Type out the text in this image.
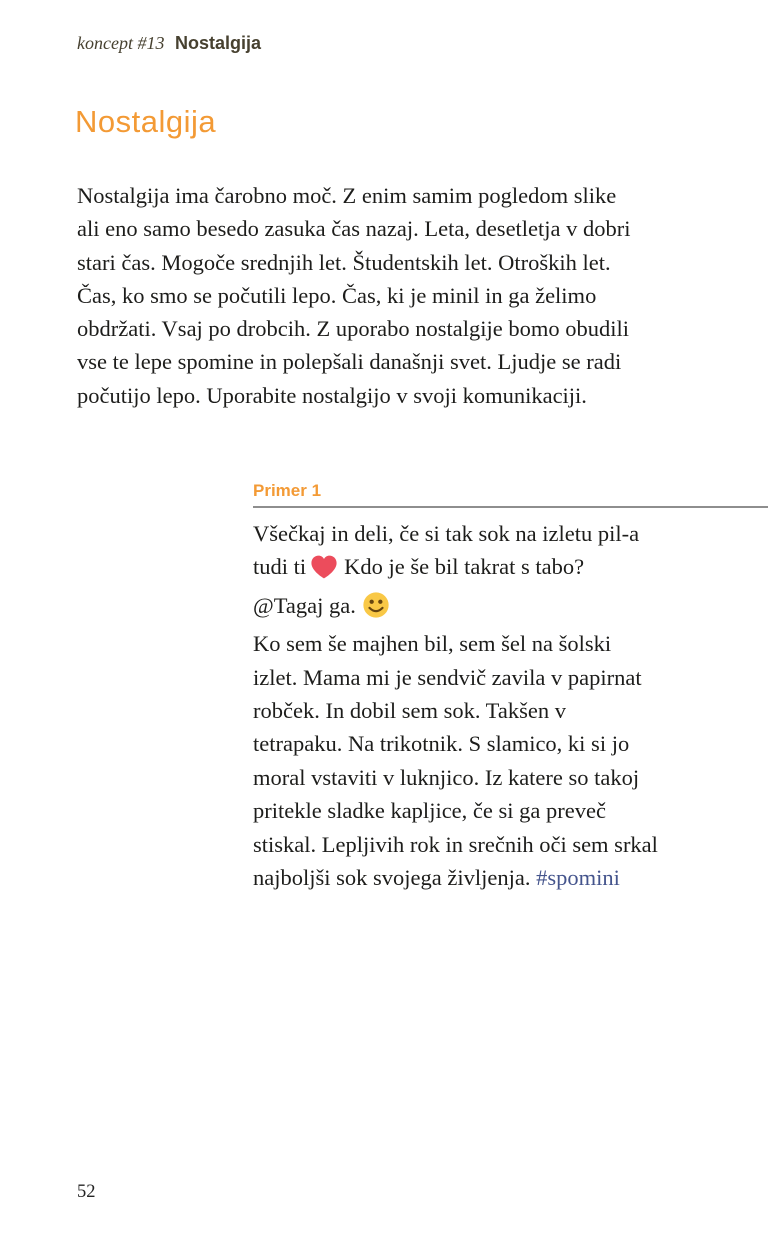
koncept #13 Nostalgija
Nostalgija
Nostalgija ima čarobno moč. Z enim samim pogledom slike
ali eno samo besedo zasuka čas nazaj. Leta, desetletja v dobri
stari čas. Mogoče srednjih let. Študentskih let. Otroških let.
Čas, ko smo se počutili lepo. Čas, ki je minil in ga želimo
obdržati. Vsaj po drobcih. Z uporabo nostalgije bomo obudili
vse te lepe spomine in polepšali današnji svet. Ljudje se radi
počutijo lepo. Uporabite nostalgijo v svoji komunikaciji.
Primer 1
Všečkaj in deli, če si tak sok na izletu pil-a
tudi ti Kdo je še bil takrat s tabo?
@Tagaj ga.
Ko sem še majhen bil, sem šel na šolski
izlet. Mama mi je sendvič zavila v papirnat
robček. In dobil sem sok. Takšen v
tetrapaku. Na trikotnik. S slamico, ki si jo
moral vstaviti v luknjico. Iz katere so takoj
pritekle sladke kapljice, če si ga preveč
stiskal. Lepljivih rok in srečnih oči sem srkal
najboljši sok svojega življenja. #spomini
52
